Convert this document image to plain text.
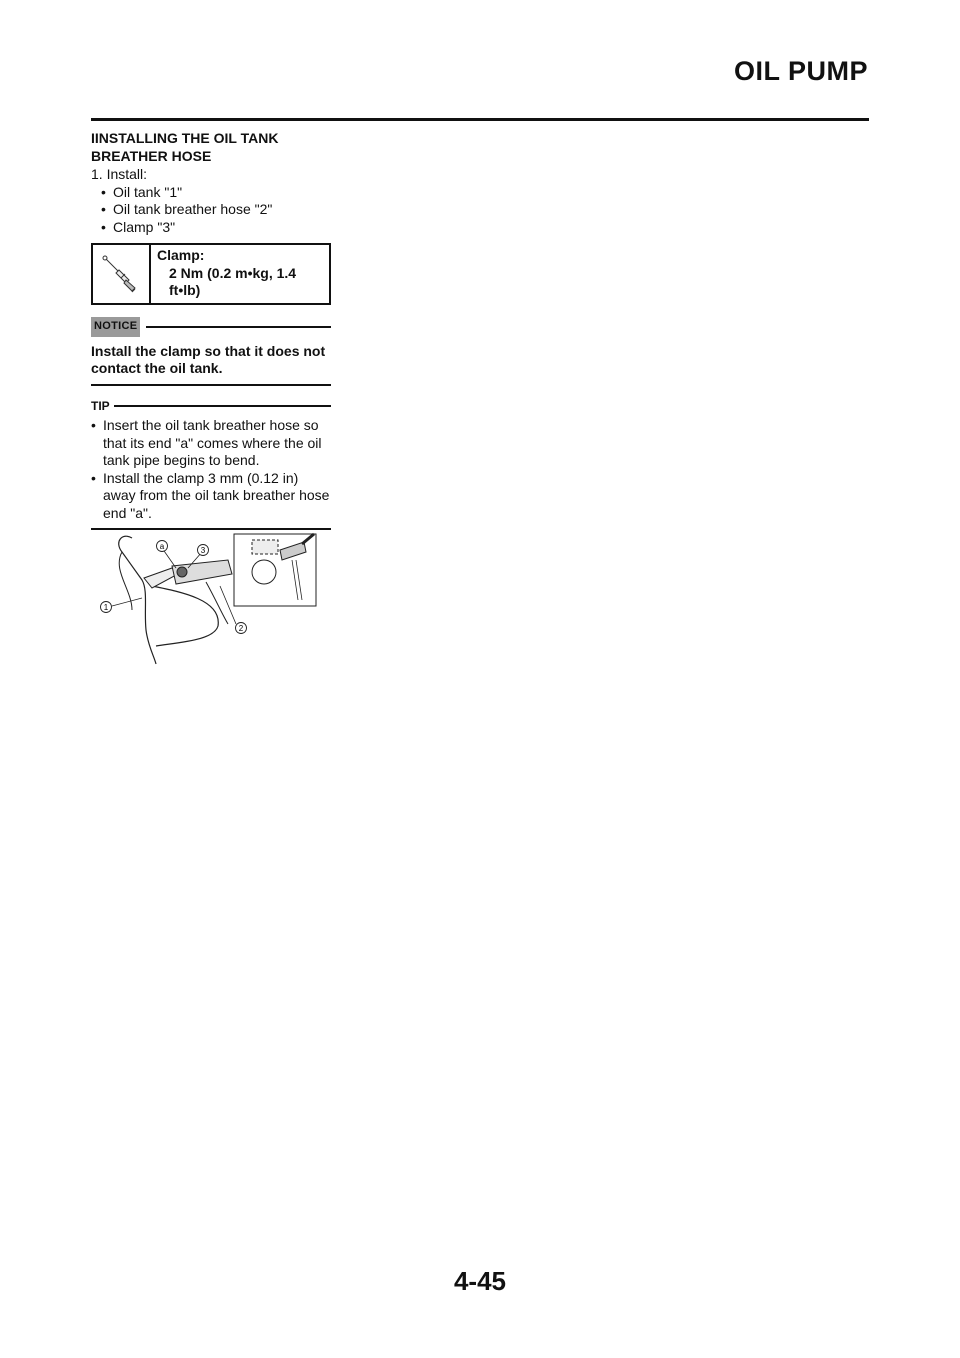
OIL PUMP

IINSTALLING THE OIL TANK

BREATHER HOSE

1. Install:
• Oil tank "1"
• Oil tank breather hose "2"
• Clamp "3"
Clamp:
2 Nm (0.2 m•kg, 1.4
ft•lb)
NOTICE
Install the clamp so that it does not contact the oil tank.
TIP
• Insert the oil tank breather hose so that its end "a" comes where the oil tank pipe begins to bend.
• Install the clamp 3 mm (0.12 in) away from the oil tank breather hose end "a".
a	3
1
2
4-45
